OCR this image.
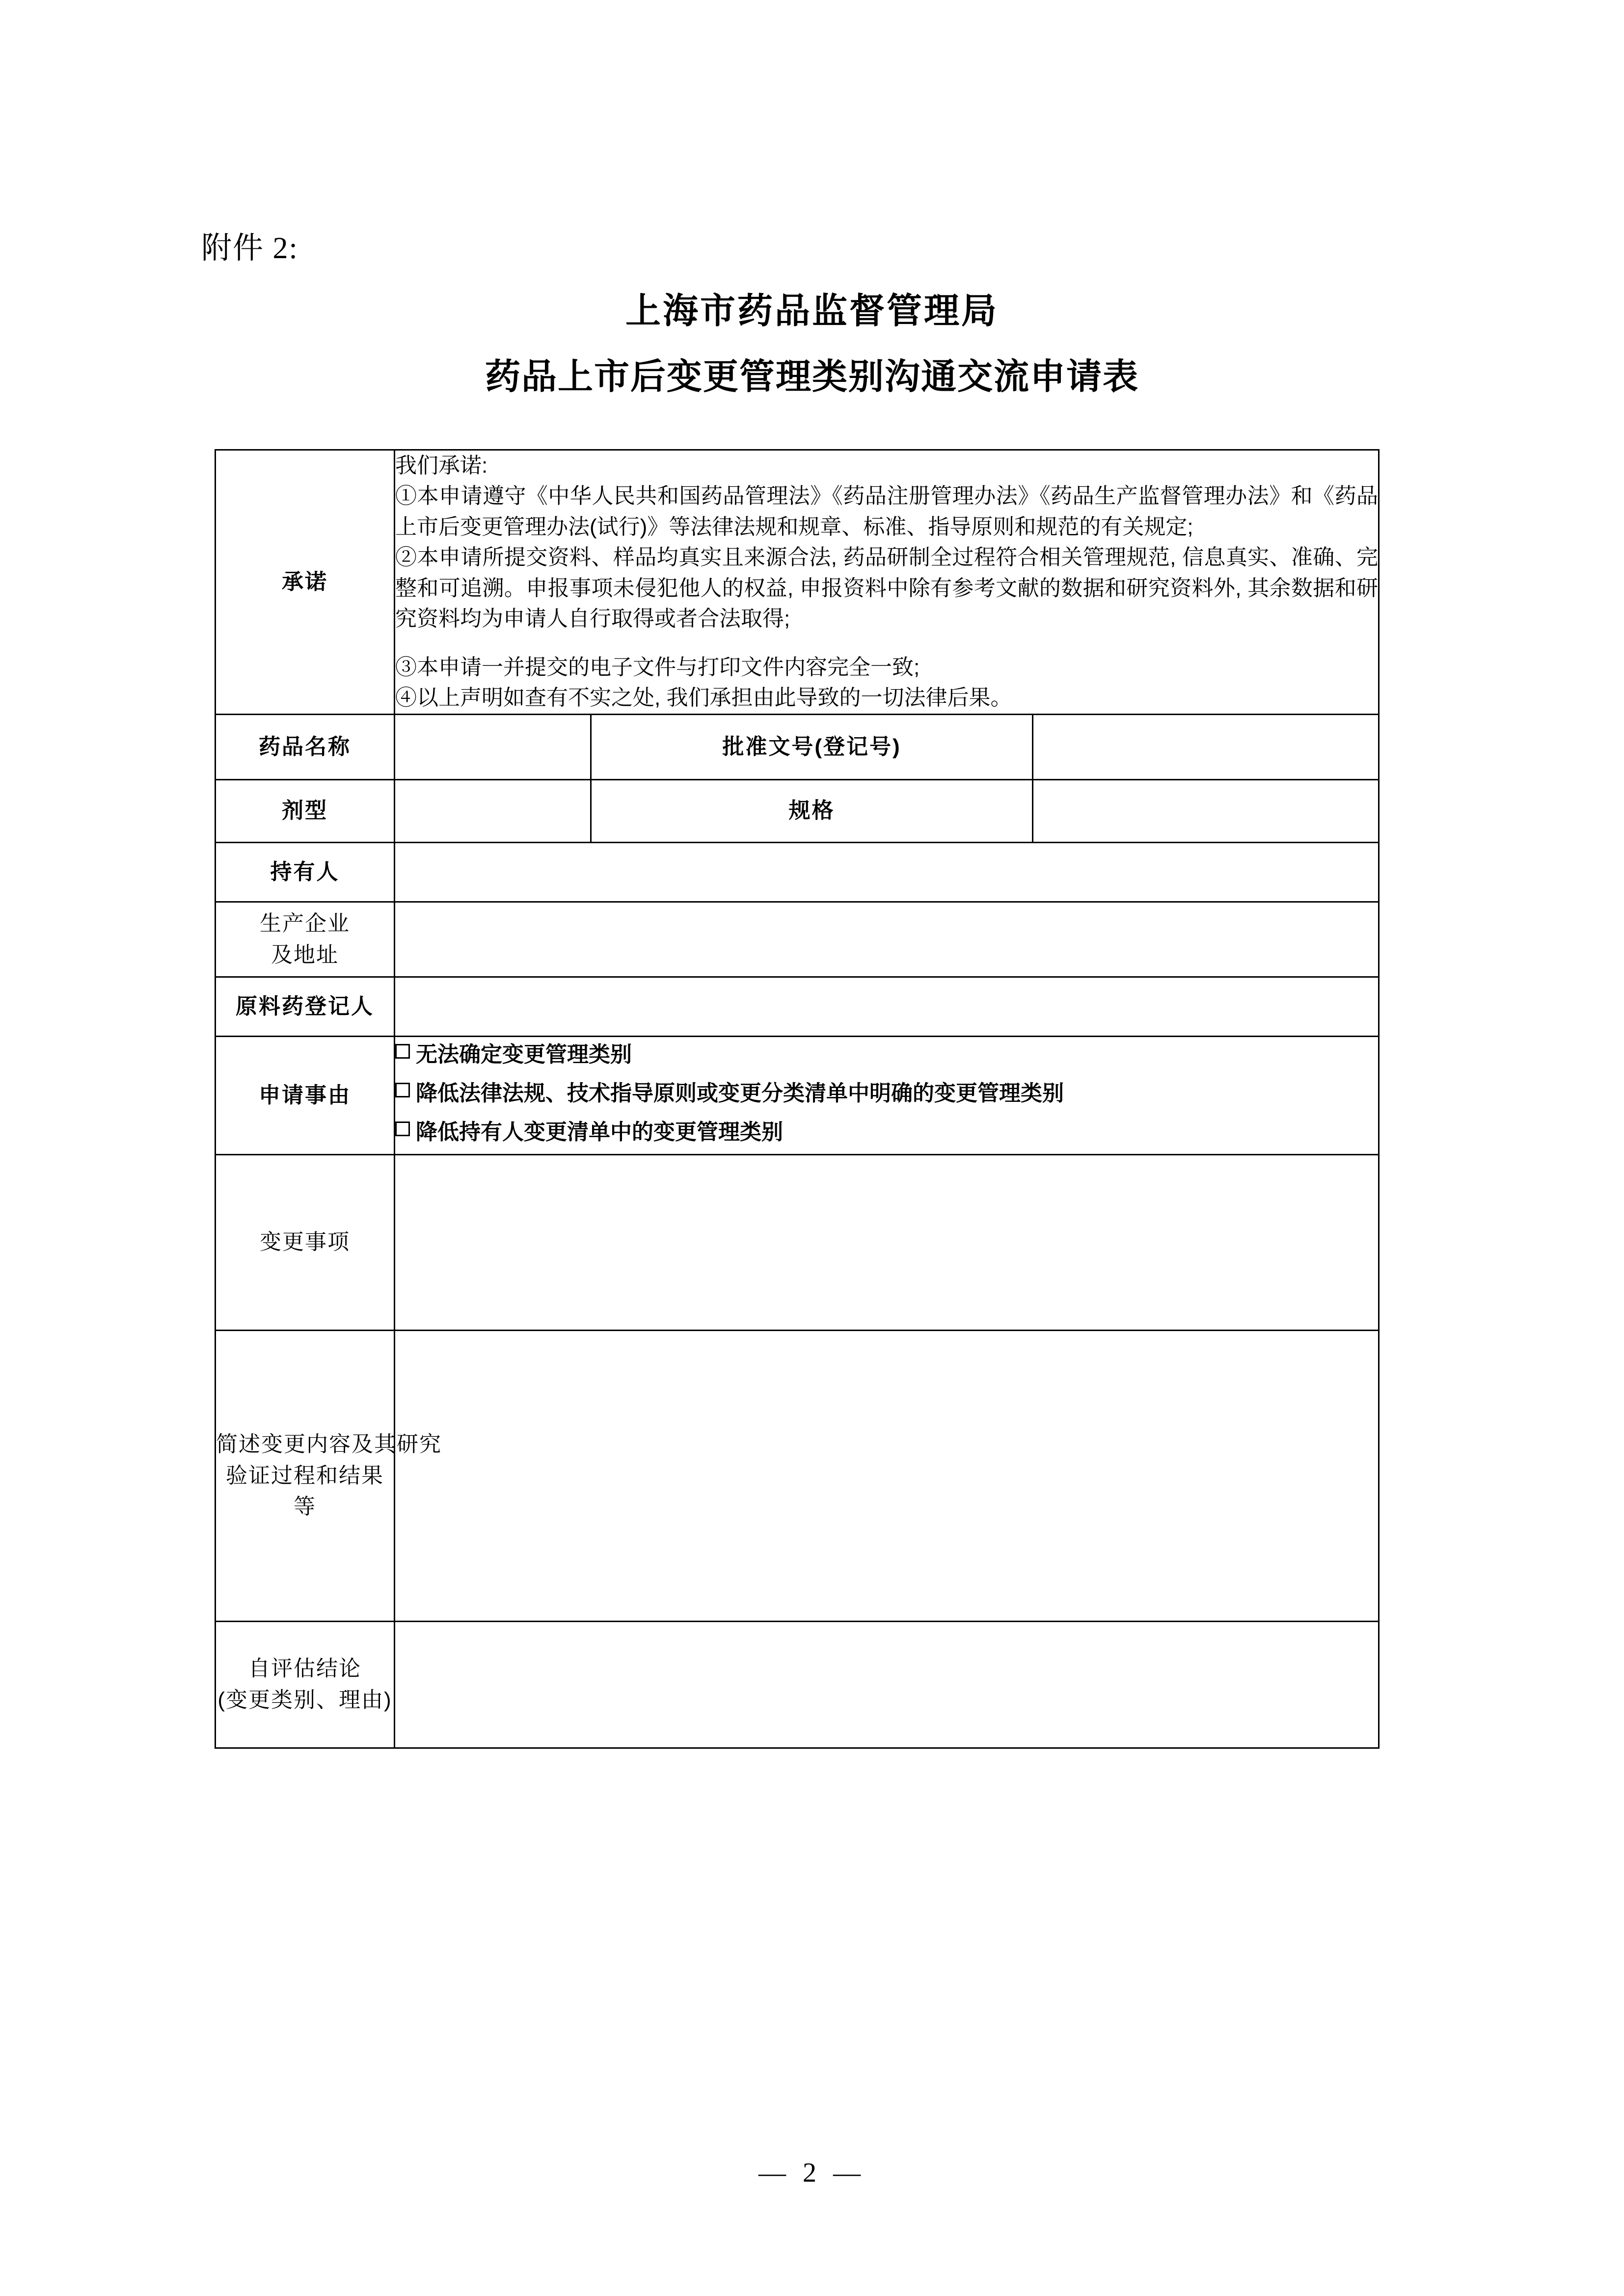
附件 2:
上海市药品监督管理局
药品上市后变更管理类别沟通交流申请表
承诺	我们承诺:

①本申请遵守《中华人民共和国药品管理法》《药品注册管理办法》《药品生产监督管理办法》和《药品上市后变更管理办法(试行)》等法律法规和规章、标准、指导原则和规范的有关规定;

②本申请所提交资料、样品均真实且来源合法, 药品研制全过程符合相关管理规范, 信息真实、准确、完整和可追溯。申报事项未侵犯他人的权益, 申报资料中除有参考文献的数据和研究资料外, 其余数据和研究资料均为申请人自行取得或者合法取得;

③本申请一并提交的电子文件与打印文件内容完全一致;

④以上声明如查有不实之处, 我们承担由此导致的一切法律后果。		

药品名称		批准文号(登记号)	
剂型		规格	
持有人			

生产企业
及地址			

原料药登记人			
申请事由	无法确定变更管理类别

降低法律法规、技术指导原则或变更分类清单中明确的变更管理类别

降低持有人变更清单中的变更管理类别		

变更事项			

简述变更内容及其研究
验证过程和结果等			

自评估结论
(变更类别、理由)			

— 2 —
